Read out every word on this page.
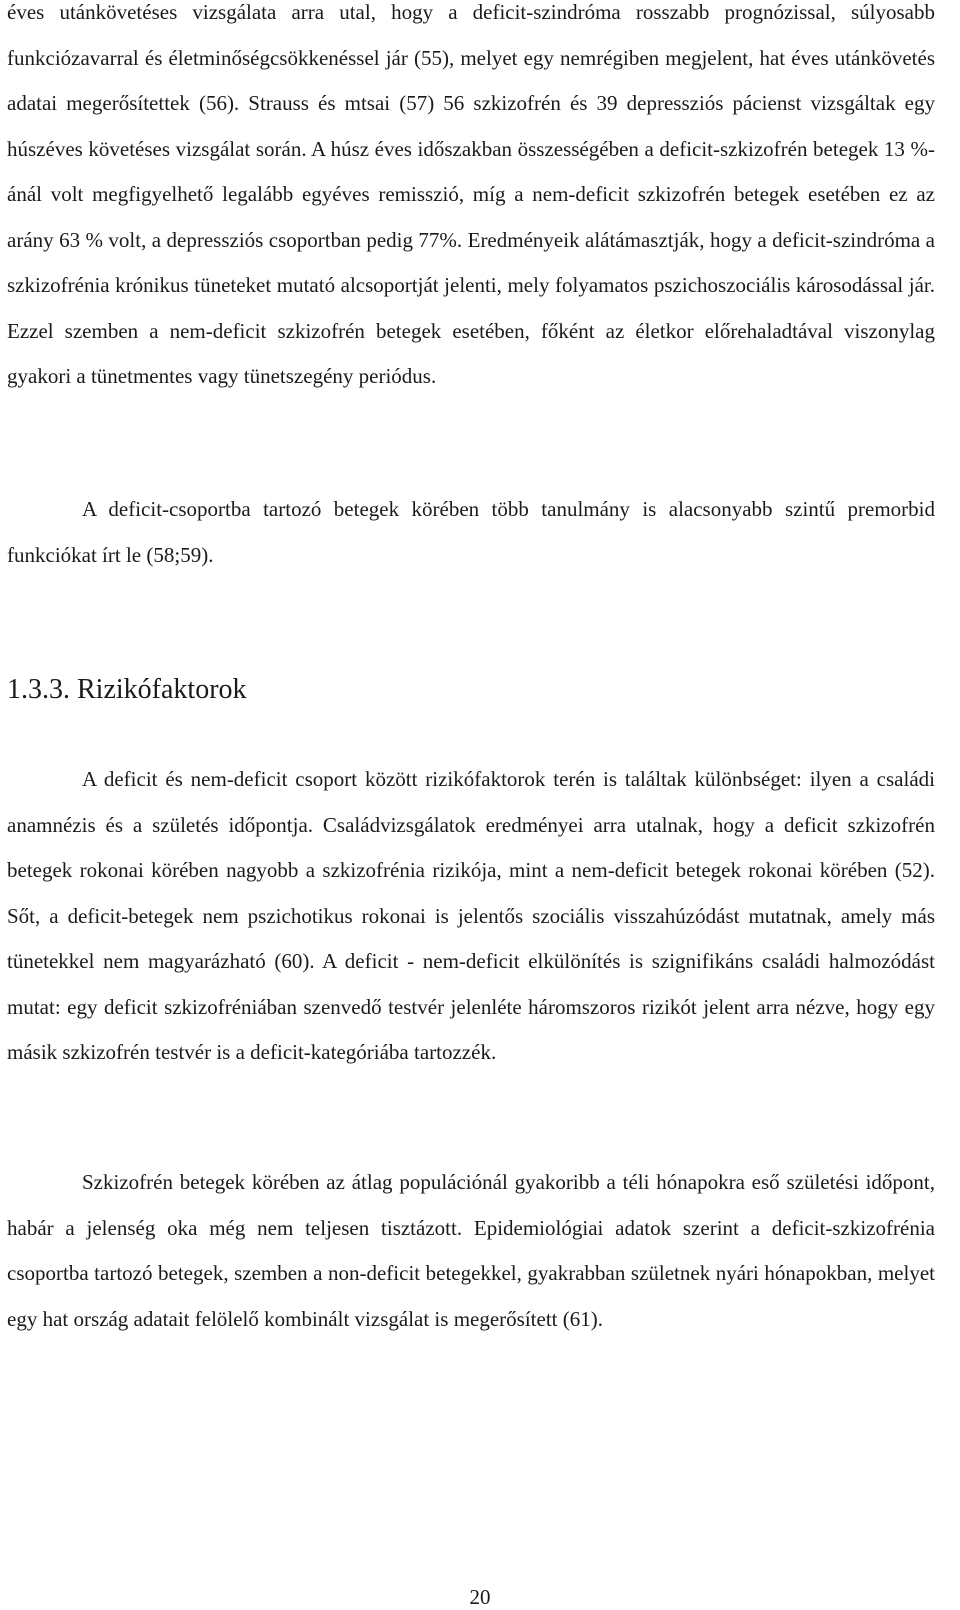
éves utánkövetéses vizsgálata arra utal, hogy a deficit-szindróma rosszabb prognózissal, súlyosabb funkciózavarral és életminőségcsökkenéssel jár (55), melyet egy nemrégiben megjelent, hat éves utánkövetés adatai megerősítettek (56). Strauss és mtsai (57) 56 szkizofrén és 39 depressziós pácienst vizsgáltak egy húszéves követéses vizsgálat során. A húsz éves időszakban összességében a deficit-szkizofrén betegek 13 %-ánál volt megfigyelhető legalább egyéves remisszió, míg a nem-deficit szkizofrén betegek esetében ez az arány 63 % volt, a depressziós csoportban pedig 77%. Eredményeik alátámasztják, hogy a deficit-szindróma a szkizofrénia krónikus tüneteket mutató alcsoportját jelenti, mely folyamatos pszichoszociális károsodással jár. Ezzel szemben a nem-deficit szkizofrén betegek esetében, főként az életkor előrehaladtával viszonylag gyakori a tünetmentes vagy tünetszegény periódus.

A deficit-csoportba tartozó betegek körében több tanulmány is alacsonyabb szintű premorbid funkciókat írt le (58;59).

1.3.3. Rizikófaktorok

A deficit és nem-deficit csoport között rizikófaktorok terén is találtak különbséget: ilyen a családi anamnézis és a születés időpontja. Családvizsgálatok eredményei arra utalnak, hogy a deficit szkizofrén betegek rokonai körében nagyobb a szkizofrénia rizikója, mint a nem-deficit betegek rokonai körében (52). Sőt, a deficit-betegek nem pszichotikus rokonai is jelentős szociális visszahúzódást mutatnak, amely más tünetekkel nem magyarázható (60). A deficit - nem-deficit elkülönítés is szignifikáns családi halmozódást mutat: egy deficit szkizofréniában szenvedő testvér jelenléte háromszoros rizikót jelent arra nézve, hogy egy másik szkizofrén testvér is a deficit-kategóriába tartozzék.

Szkizofrén betegek körében az átlag populációnál gyakoribb a téli hónapokra eső születési időpont, habár a jelenség oka még nem teljesen tisztázott. Epidemiológiai adatok szerint a deficit-szkizofrénia csoportba tartozó betegek, szemben a non-deficit betegekkel, gyakrabban születnek nyári hónapokban, melyet egy hat ország adatait felölelő kombinált vizsgálat is megerősített (61).

20
